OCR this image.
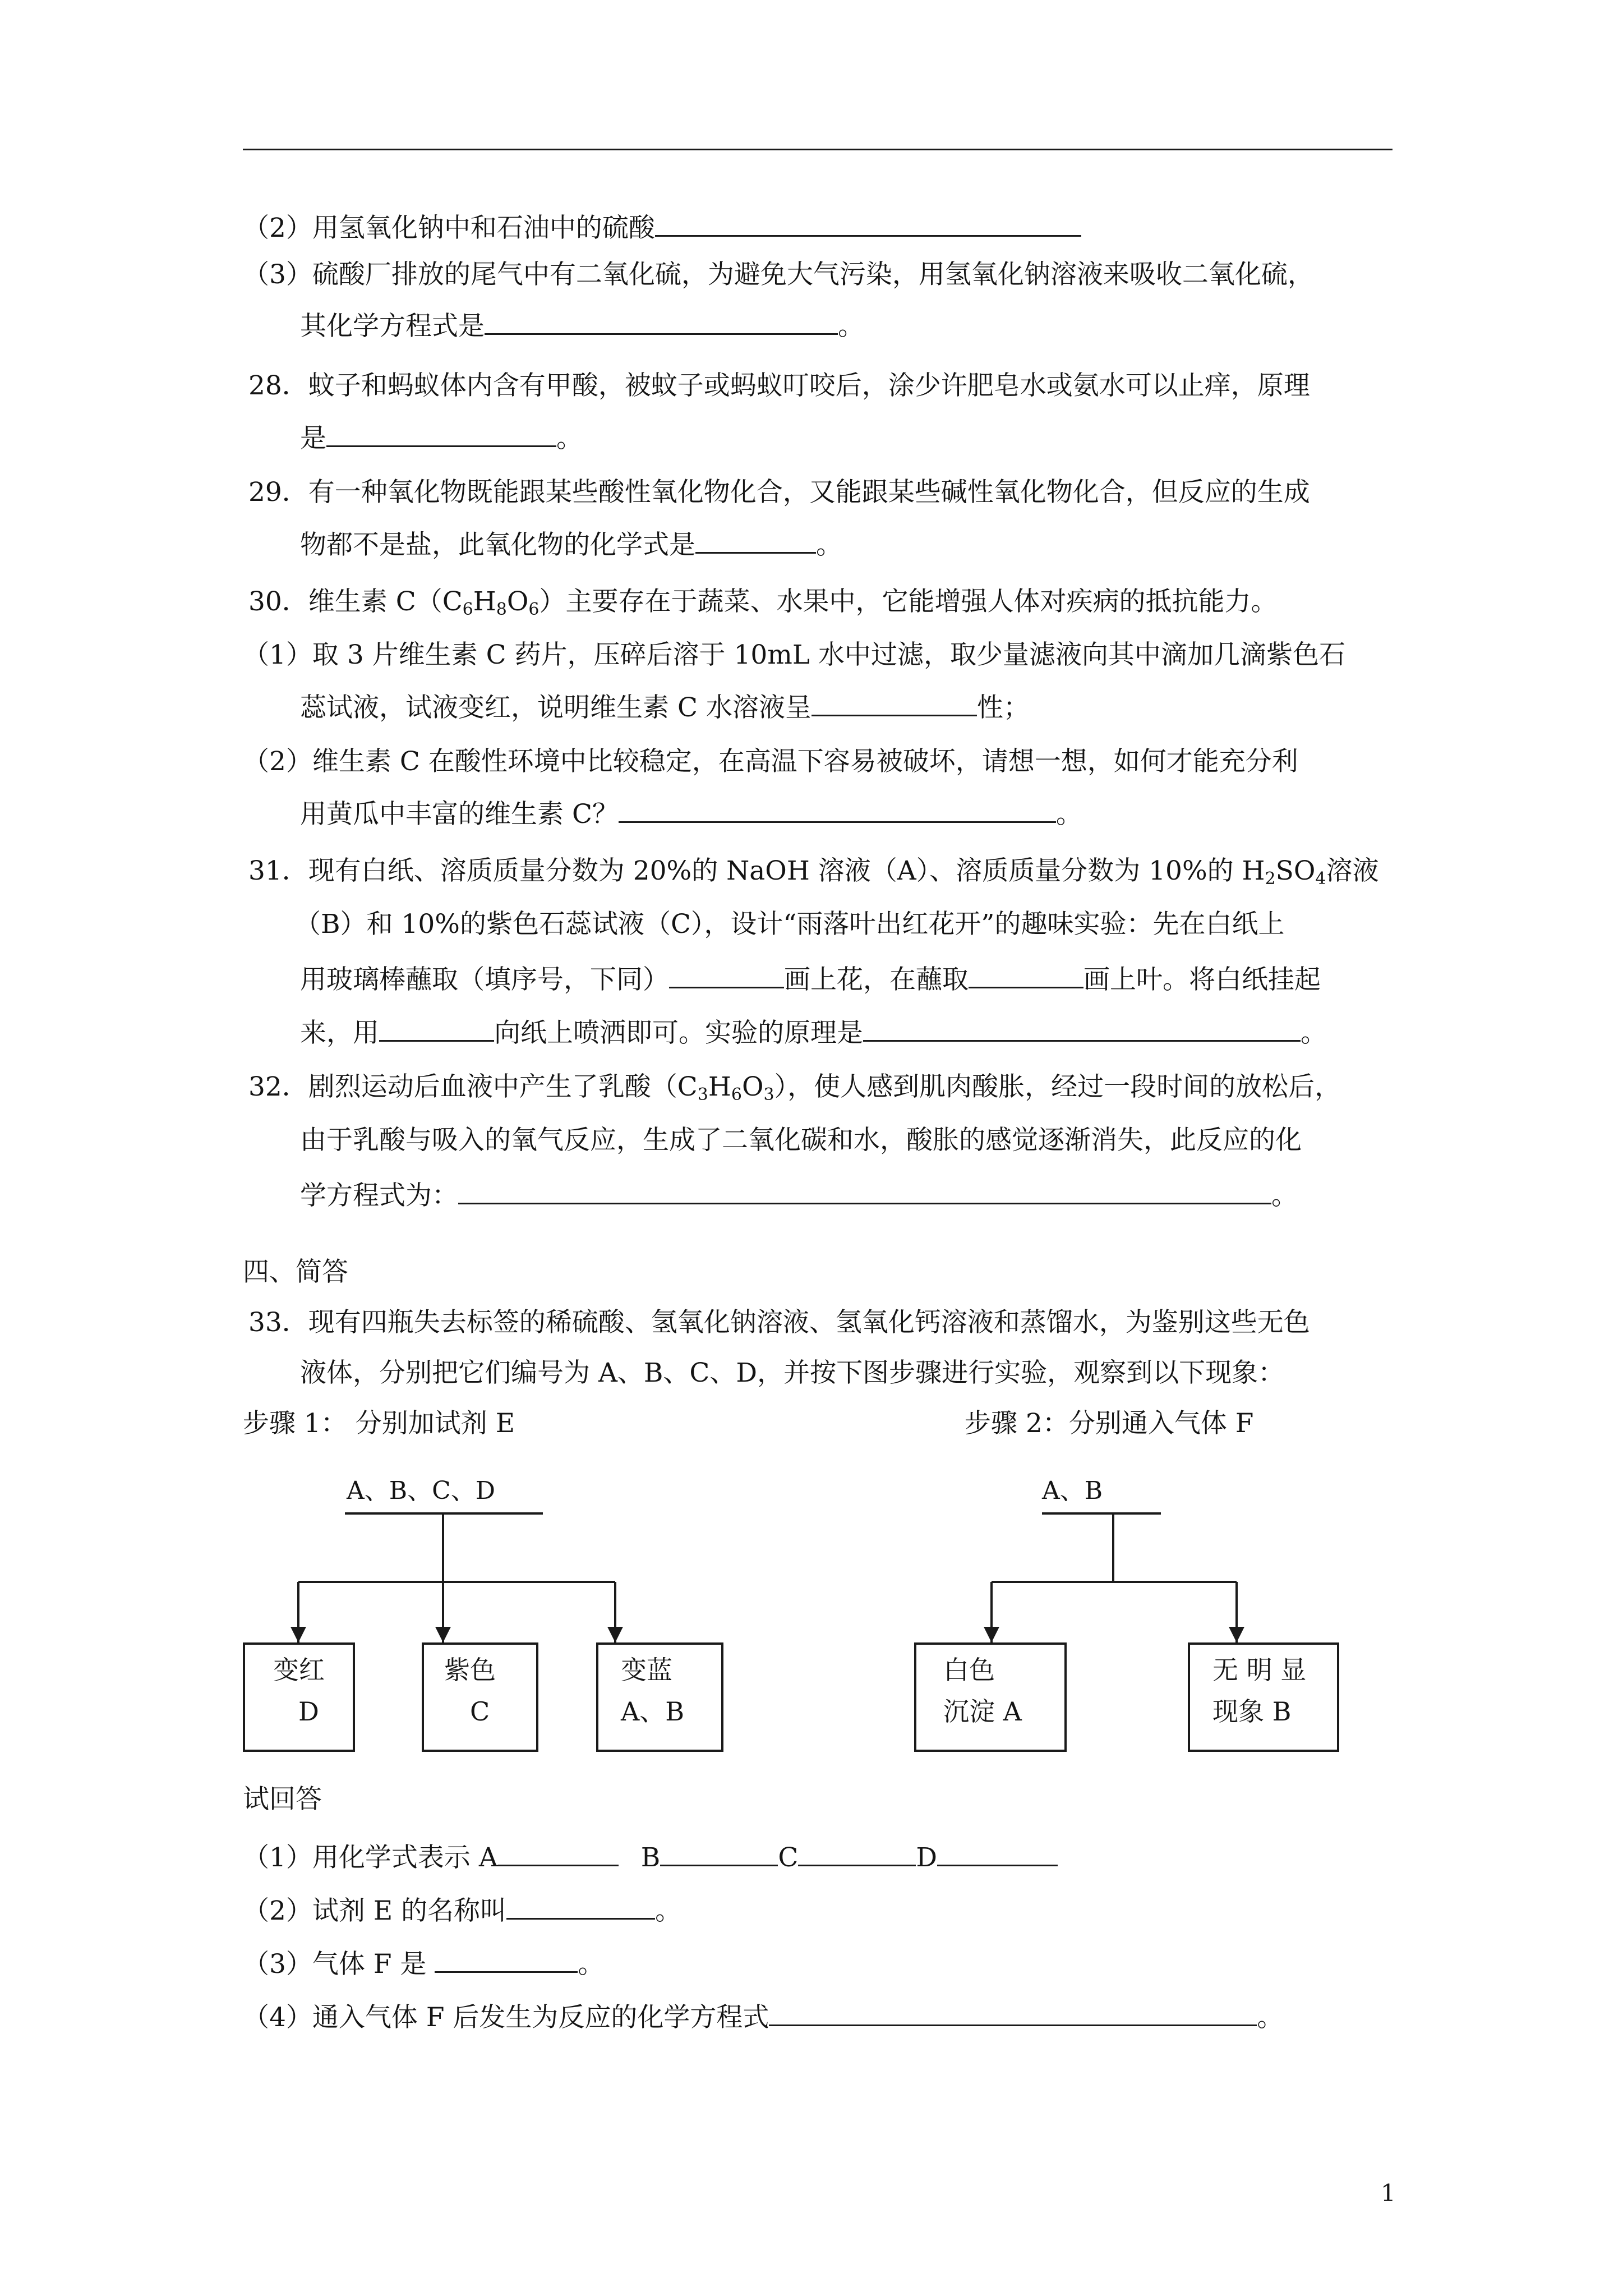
（2）用氢氧化钠中和石油中的硫酸
（3）硫酸厂排放的尾气中有二氧化硫，为避免大气污染，用氢氧化钠溶液来吸收二氧化硫，
其化学方程式是	。
28．蚊子和蚂蚁体内含有甲酸，被蚊子或蚂蚁叮咬后，涂少许肥皂水或氨水可以止痒，原理
是	。
29．有一种氧化物既能跟某些酸性氧化物化合，又能跟某些碱性氧化物化合，但反应的生成
物都不是盐，此氧化物的化学式是	。
30．维生素 $C(C_6H_8O_6)$主要存在于蔬菜、水果中，它能增强人体对疾病的抵抗能力。
（1）取 3 片维生素 C 药片，压碎后溶于 10mL 水中过滤，取少量滤液向其中滴加几滴紫色石
蕊试液，试液变红，说明维生素 C 水溶液呈	性；
（2）维生素 C 在酸性环境中比较稳定，在高温下容易被破坏，请想一想，如何才能充分利
用黄瓜中丰富的维生素 C？	。
31．现有白纸、溶质质量分数为 20%的 NaOH 溶液（A）、溶质质量分数为 10%的 $H_2SO_4$溶液
（B）和 10%的紫色石蕊试液（C），设计“雨落叶出红花开”的趣味实验：先在白纸上
用玻璃棒蘸取（填序号，下同）	画上花，在蘸取	画上叶。将白纸挂起
来，用	向纸上喷洒即可。实验的原理是	。
32．剧烈运动后血液中产生了乳酸$(C_3H_6O_3)$，使人感到肌肉酸胀，经过一段时间的放松后，
由于乳酸与吸入的氧气反应，生成了二氧化碳和水，酸胀的感觉逐渐消失，此反应的化
学方程式为：	。
四、简答
33．现有四瓶失去标签的稀硫酸、氢氧化钠溶液、氢氧化钙溶液和蒸馏水，为鉴别这些无色
液体，分别把它们编号为 A、B、C、D，并按下图步骤进行实验，观察到以下现象：
步骤 1： 分别加试剂 E	步骤 2：分别通入气体 F
A、B、C、D	A、B
变红
D
紫色
C
变蓝
A、B
白色
沉淀 A
无 明 显
现象 B
试回答
（1）用化学式表示 A	B	C	D
（2）试剂 E 的名称叫	。
（3）气体 F 是	。
（4）通入气体 F 后发生为反应的化学方程式	。
1
